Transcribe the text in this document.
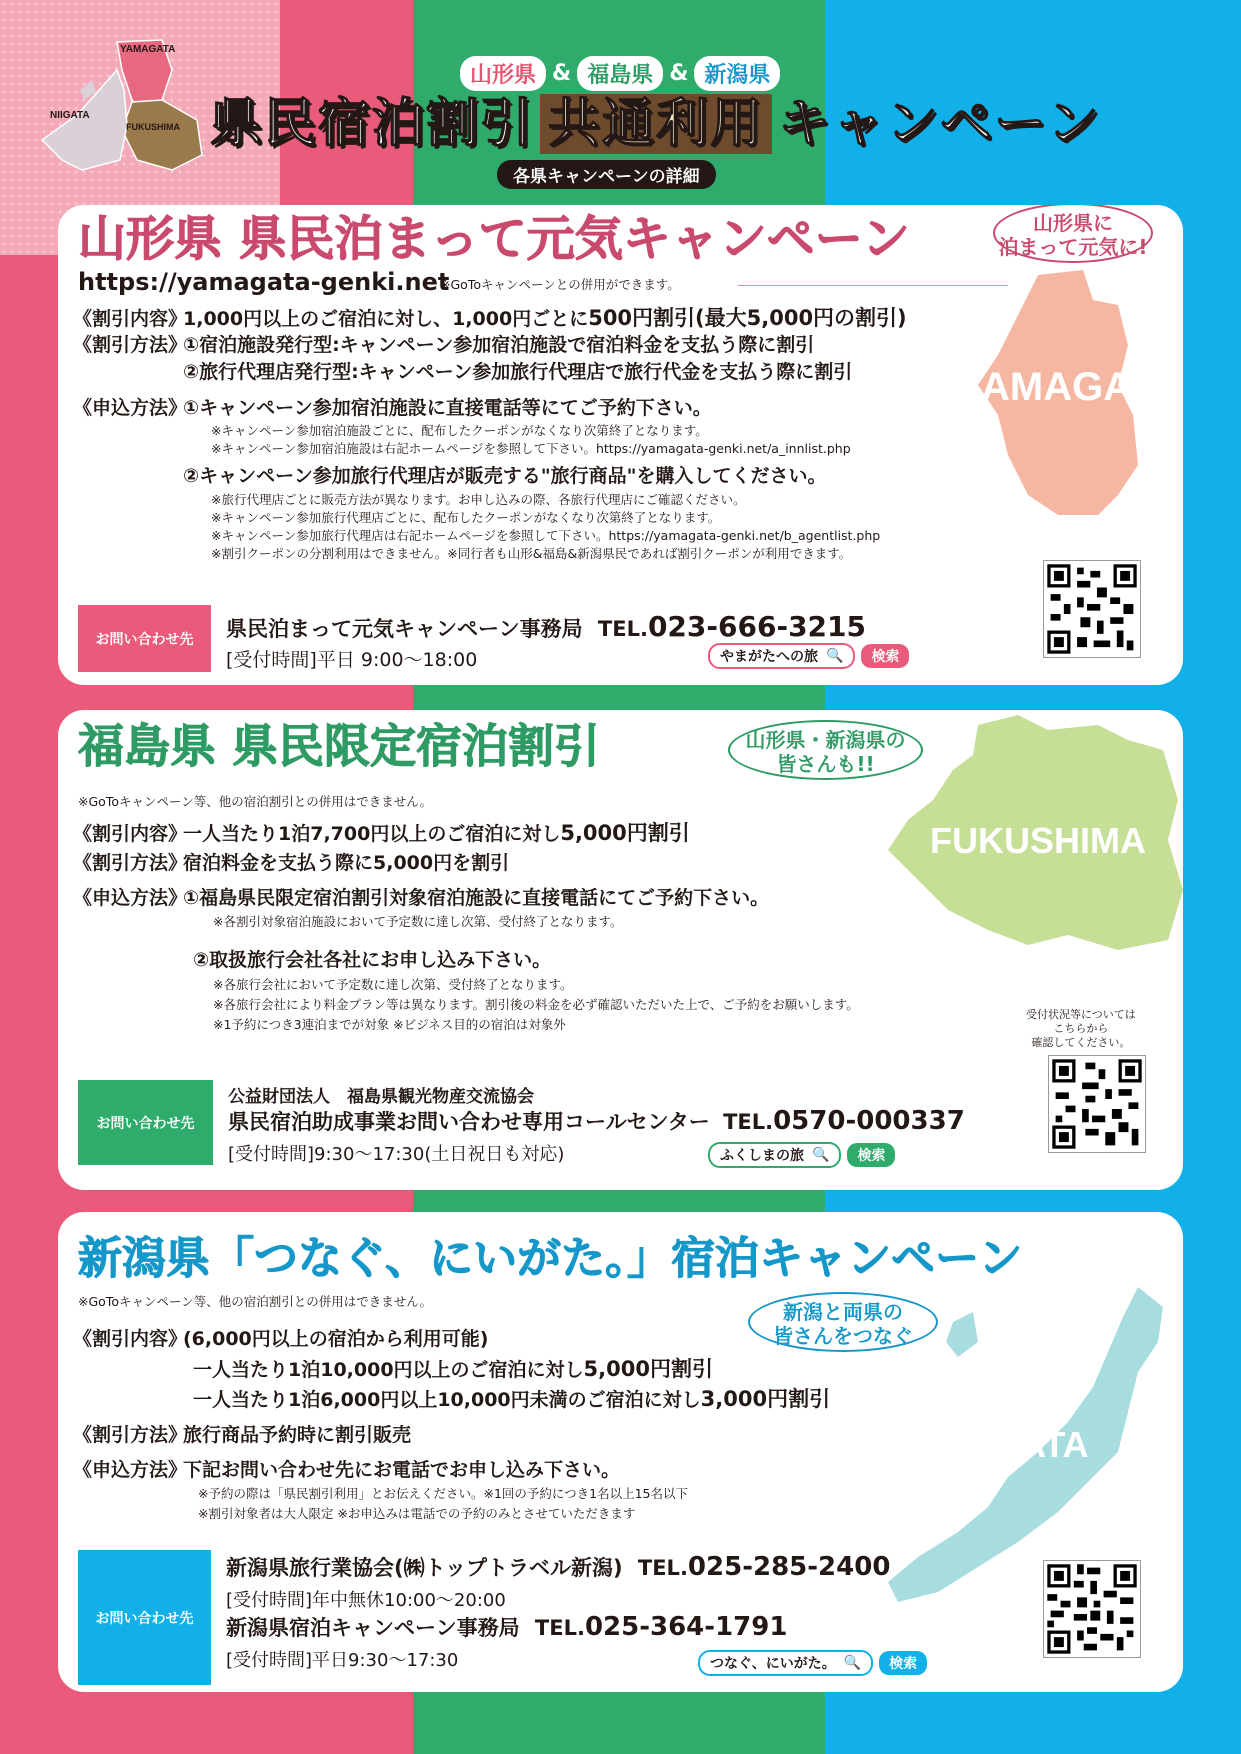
YAMAGATA
NIIGATA
FUKUSHIMA
山形県 & 福島県 & 新潟県
県民宿泊割引 共通利用 キャンペーン
各県キャンペーンの詳細
YAMAGATA
山形県 県民泊まって元気キャンペーン	山形県に
泊まって元気に!
https://yamagata-genki.net
※GoToキャンペーンとの併用ができます。
《割引内容》1,000円以上のご宿泊に対し、1,000円ごとに500円割引(最大5,000円の割引)
《割引方法》①宿泊施設発行型:キャンペーン参加宿泊施設で宿泊料金を支払う際に割引
②旅行代理店発行型:キャンペーン参加旅行代理店で旅行代金を支払う際に割引
《申込方法》①キャンペーン参加宿泊施設に直接電話等にてご予約下さい。
※キャンペーン参加宿泊施設ごとに、配布したクーポンがなくなり次第終了となります。
※キャンペーン参加宿泊施設は右記ホームページを参照して下さい。https://yamagata-genki.net/a_innlist.php
②キャンペーン参加旅行代理店が販売する"旅行商品"を購入してください。
※旅行代理店ごとに販売方法が異なります。お申し込みの際、各旅行代理店にご確認ください。
※キャンペーン参加旅行代理店ごとに、配布したクーポンがなくなり次第終了となります。
※キャンペーン参加旅行代理店は右記ホームページを参照して下さい。https://yamagata-genki.net/b_agentlist.php
※割引クーポンの分割利用はできません。※同行者も山形&福島&新潟県民であれば割引クーポンが利用できます。
お問い合わせ先	県民泊まって元気キャンペーン事務局 TEL.023-666-3215
[受付時間]平日 9:00〜18:00	やまがたへの旅 🔍	検索
FUKUSHIMA
福島県 県民限定宿泊割引	山形県・新潟県の
皆さんも!!
※GoToキャンペーン等、他の宿泊割引との併用はできません。
《割引内容》一人当たり1泊7,700円以上のご宿泊に対し5,000円割引
《割引方法》宿泊料金を支払う際に5,000円を割引
《申込方法》①福島県民限定宿泊割引対象宿泊施設に直接電話にてご予約下さい。
※各割引対象宿泊施設において予定数に達し次第、受付終了となります。
②取扱旅行会社各社にお申し込み下さい。
※各旅行会社において予定数に達し次第、受付終了となります。
※各旅行会社により料金プラン等は異なります。割引後の料金を必ず確認いただいた上で、ご予約をお願いします。
※1予約につき3連泊までが対象 ※ビジネス目的の宿泊は対象外
受付状況等については
こちらから
確認してください。
お問い合わせ先
公益財団法人　福島県観光物産交流協会
県民宿泊助成事業お問い合わせ専用コールセンター TEL.0570-000337
[受付時間]9:30〜17:30(土日祝日も対応)	ふくしまの旅 🔍	検索
NIIGATA
新潟県「つなぐ、にいがた。」宿泊キャンペーン
※GoToキャンペーン等、他の宿泊割引との併用はできません。	新潟と両県の
皆さんをつなぐ
《割引内容》(6,000円以上の宿泊から利用可能)
一人当たり1泊10,000円以上のご宿泊に対し5,000円割引
一人当たり1泊6,000円以上10,000円未満のご宿泊に対し3,000円割引
《割引方法》旅行商品予約時に割引販売
《申込方法》下記お問い合わせ先にお電話でお申し込み下さい。
※予約の際は「県民割引利用」とお伝えください。※1回の予約につき1名以上15名以下
※割引対象者は大人限定 ※お申込みは電話での予約のみとさせていただきます
お問い合わせ先
新潟県旅行業協会(㈱トップトラベル新潟) TEL.025-285-2400
[受付時間]年中無休10:00〜20:00
新潟県宿泊キャンペーン事務局 TEL.025-364-1791
[受付時間]平日9:30〜17:30	つなぐ、にいがた。 🔍	検索
